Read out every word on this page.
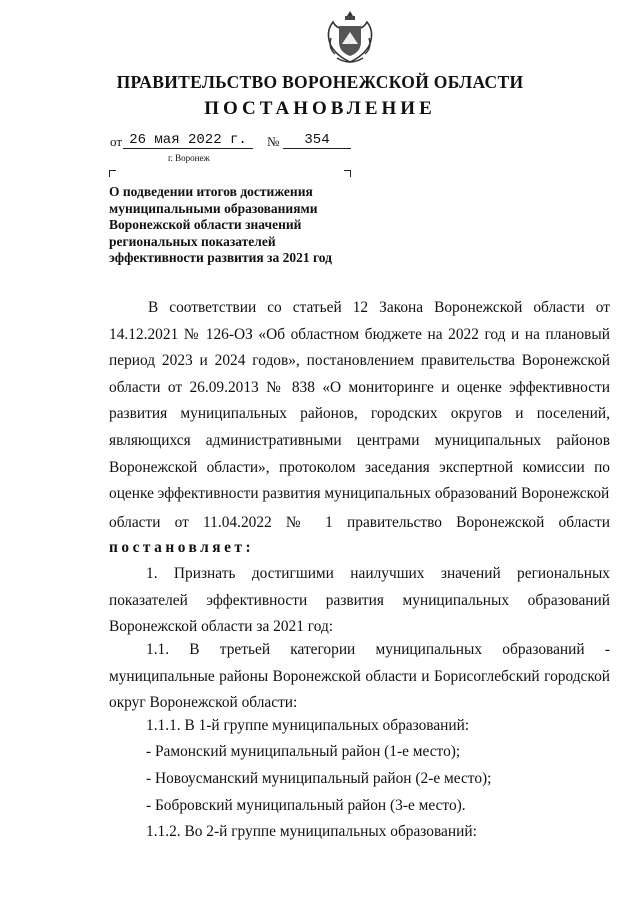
ПРАВИТЕЛЬСТВО ВОРОНЕЖСКОЙ ОБЛАСТИ
ПОСТАНОВЛЕНИЕ
от 26 мая 2022 г.	№	354
г. Воронеж
О подведении итогов достижения
муниципальными образованиями
Воронежской области значений
региональных показателей
эффективности развития за 2021 год
В соответствии со статьей 12 Закона Воронежской области от 14.12.2021 № 126-ОЗ «Об областном бюджете на 2022 год и на плановый период 2023 и 2024 годов», постановлением правительства Воронежской области от 26.09.2013 № 838 «О мониторинге и оценке эффективности развития муниципальных районов, городских округов и поселений, являющихся административными центрами муниципальных районов Воронежской области», протоколом заседания экспертной комиссии по оценке эффективности развития муниципальных образований Воронежской
области от 11.04.2022 № 1 правительство Воронежской области
постановляет:
1. Признать достигшими наилучших значений региональных показателей эффективности развития муниципальных образований Воронежской области за 2021 год:
1.1. В третьей категории муниципальных образований - муниципальные районы Воронежской области и Борисоглебский городской округ Воронежской области:
1.1.1. В 1-й группе муниципальных образований:
- Рамонский муниципальный район (1-е место);
- Новоусманский муниципальный район (2-е место);
- Бобровский муниципальный район (3-е место).
1.1.2. Во 2-й группе муниципальных образований:
